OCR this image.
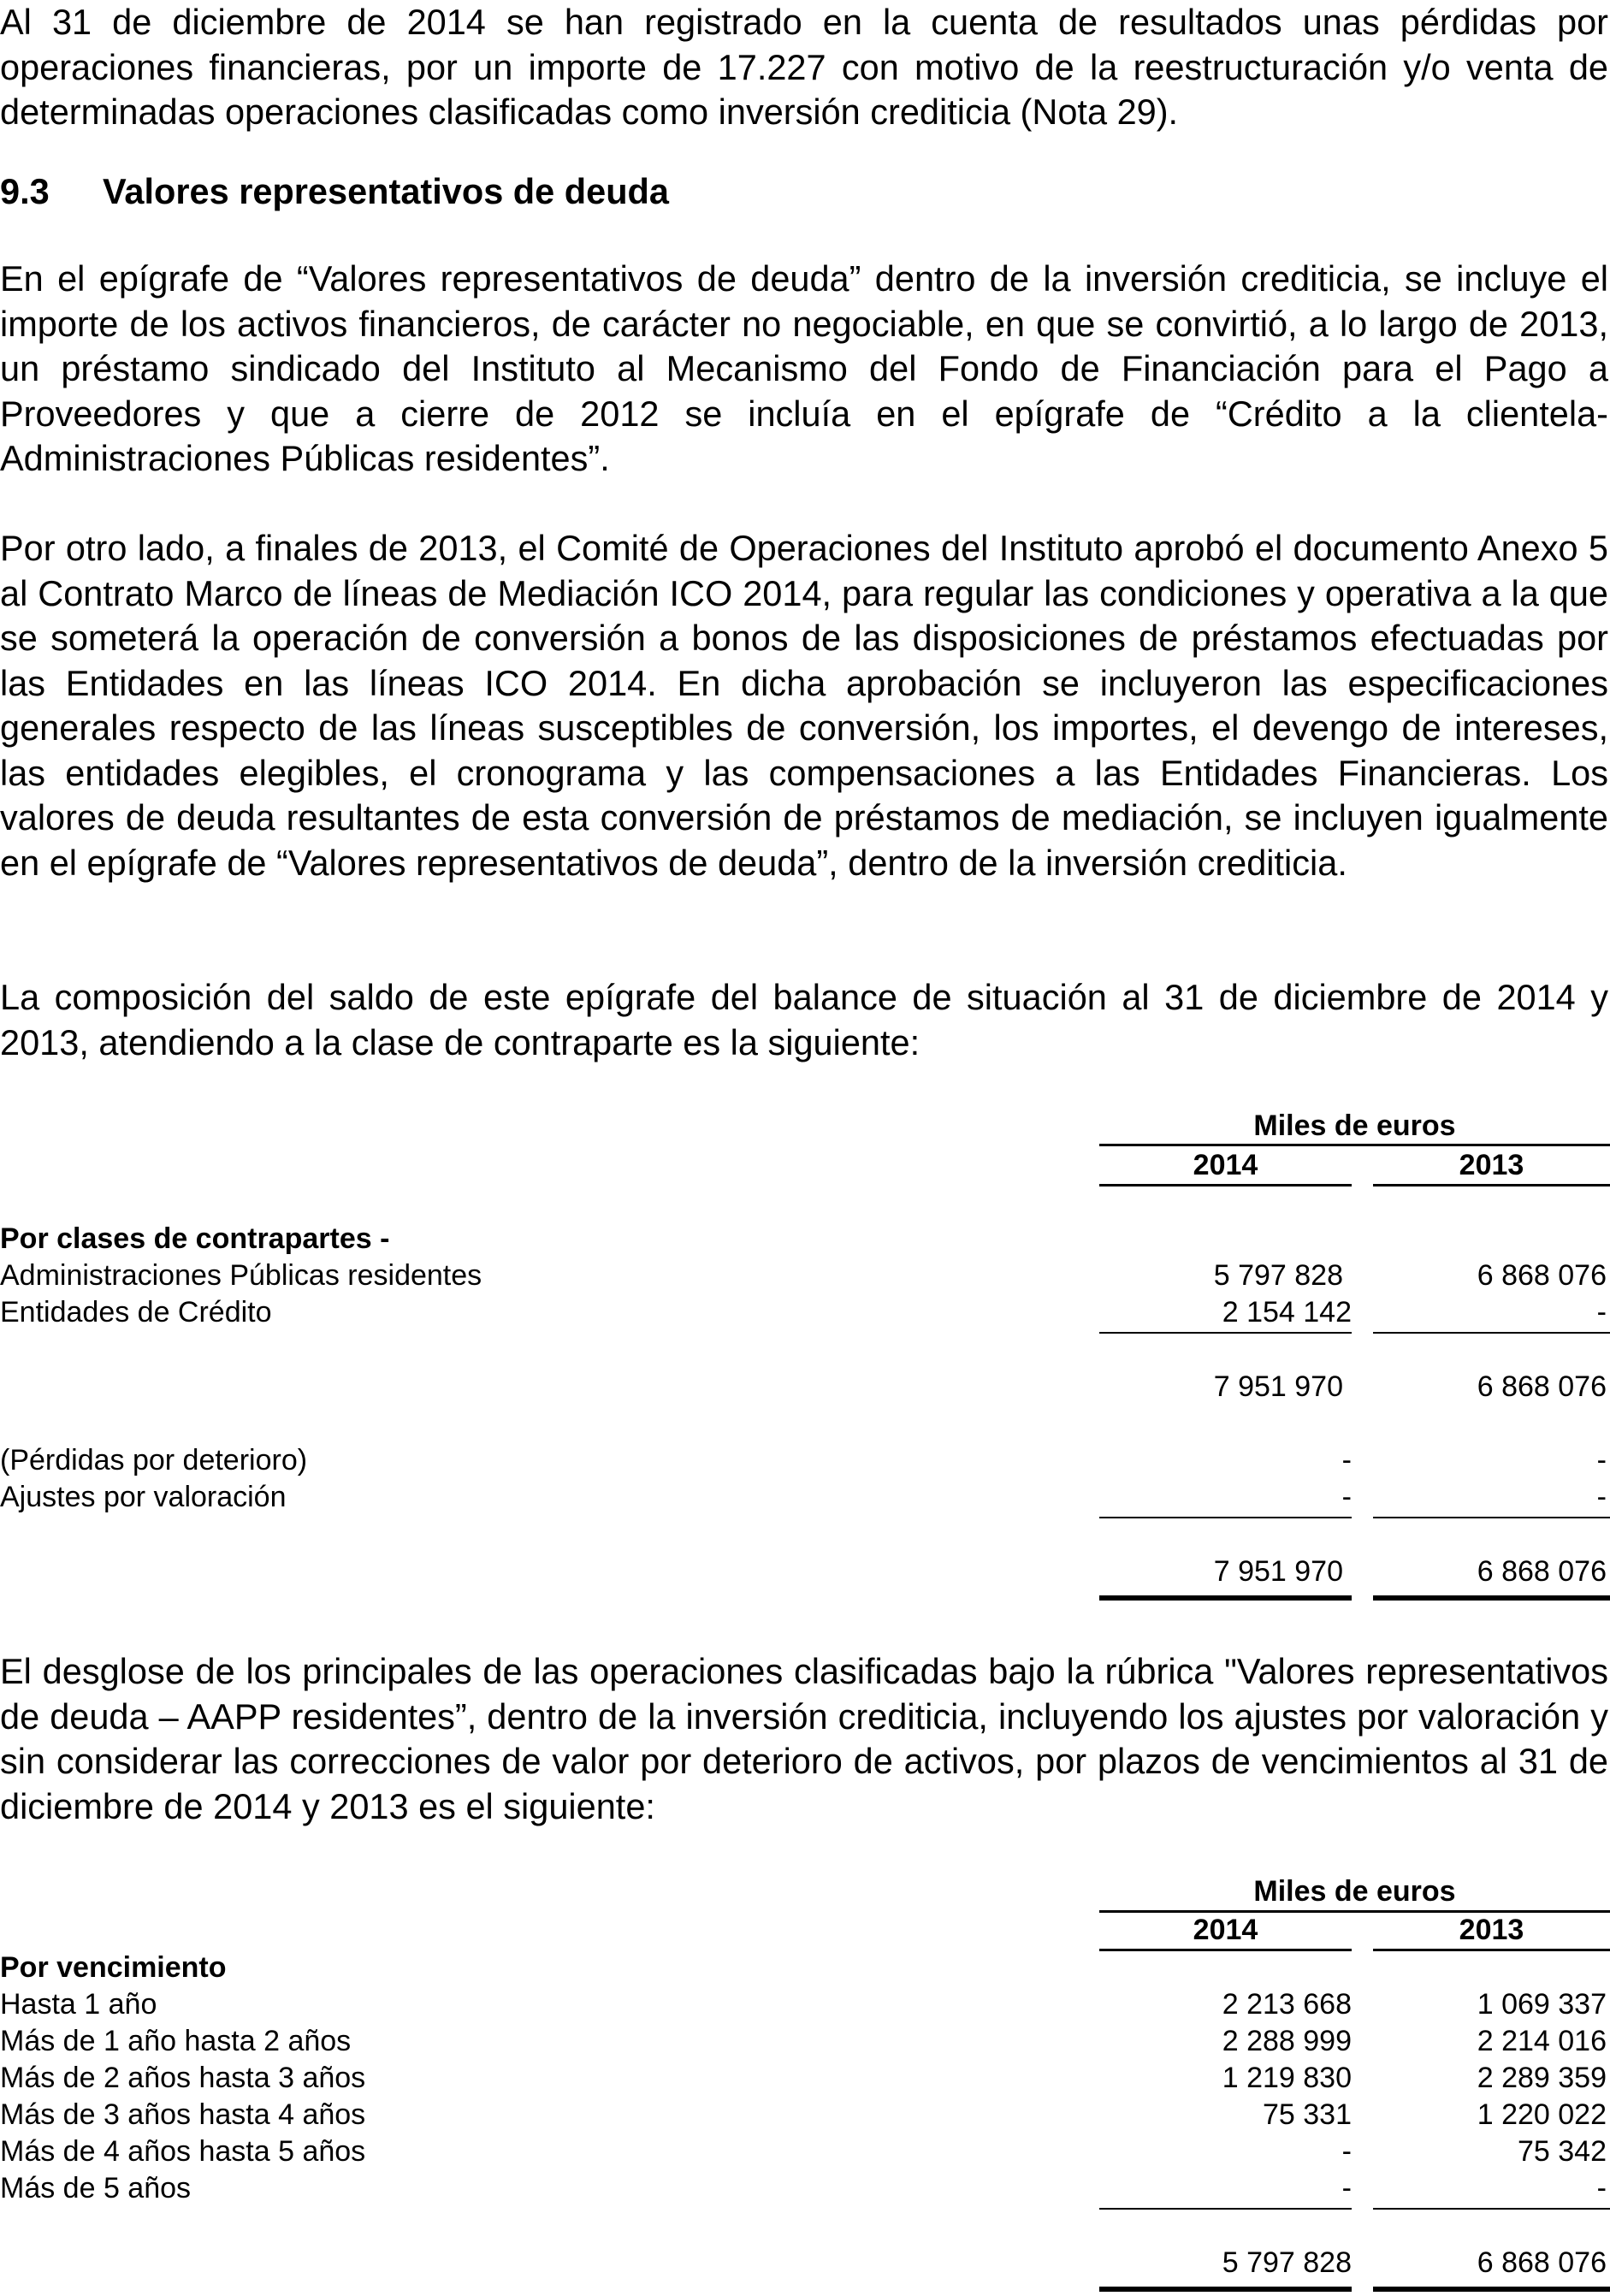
Al 31 de diciembre de 2014 se han registrado en la cuenta de resultados unas pérdidas por operaciones financieras, por un importe de 17.227 con motivo de la reestructuración y/o venta de determinadas operaciones clasificadas como inversión crediticia (Nota 29).

9.3 Valores representativos de deuda

En el epígrafe de “Valores representativos de deuda” dentro de la inversión crediticia, se incluye el importe de los activos financieros, de carácter no negociable, en que se convirtió, a lo largo de 2013, un préstamo sindicado del Instituto al Mecanismo del Fondo de Financiación para el Pago a Proveedores y que a cierre de 2012 se incluía en el epígrafe de “Crédito a la clientela- Administraciones Públicas residentes”.

Por otro lado, a finales de 2013, el Comité de Operaciones del Instituto aprobó el documento Anexo 5 al Contrato Marco de líneas de Mediación ICO 2014, para regular las condiciones y operativa a la que se someterá la operación de conversión a bonos de las disposiciones de préstamos efectuadas por las Entidades en las líneas ICO 2014. En dicha aprobación se incluyeron las especificaciones generales respecto de las líneas susceptibles de conversión, los importes, el devengo de intereses, las entidades elegibles, el cronograma y las compensaciones a las Entidades Financieras. Los valores de deuda resultantes de esta conversión de préstamos de mediación, se incluyen igualmente en el epígrafe de “Valores representativos de deuda”, dentro de la inversión crediticia.

La composición del saldo de este epígrafe del balance de situación al 31 de diciembre de 2014 y 2013, atendiendo a la clase de contraparte es la siguiente:

Miles de euros
2014	2013
Por clases de contrapartes -
Administraciones Públicas residentes	5 797 828	6 868 076
Entidades de Crédito	2 154 142	-
7 951 970	6 868 076
(Pérdidas por deterioro)	-	-
Ajustes por valoración	-	-
7 951 970	6 868 076

El desglose de los principales de las operaciones clasificadas bajo la rúbrica "Valores representativos de deuda – AAPP residentes”, dentro de la inversión crediticia, incluyendo los ajustes por valoración y sin considerar las correcciones de valor por deterioro de activos, por plazos de vencimientos al 31 de diciembre de 2014 y 2013 es el siguiente:

Miles de euros
2014	2013
Por vencimiento
Hasta 1 año	2 213 668	1 069 337
Más de 1 año hasta 2 años	2 288 999	2 214 016
Más de 2 años hasta 3 años	1 219 830	2 289 359
Más de 3 años hasta 4 años	75 331	1 220 022
Más de 4 años hasta 5 años	-	75 342
Más de 5 años	-	-
5 797 828	6 868 076
